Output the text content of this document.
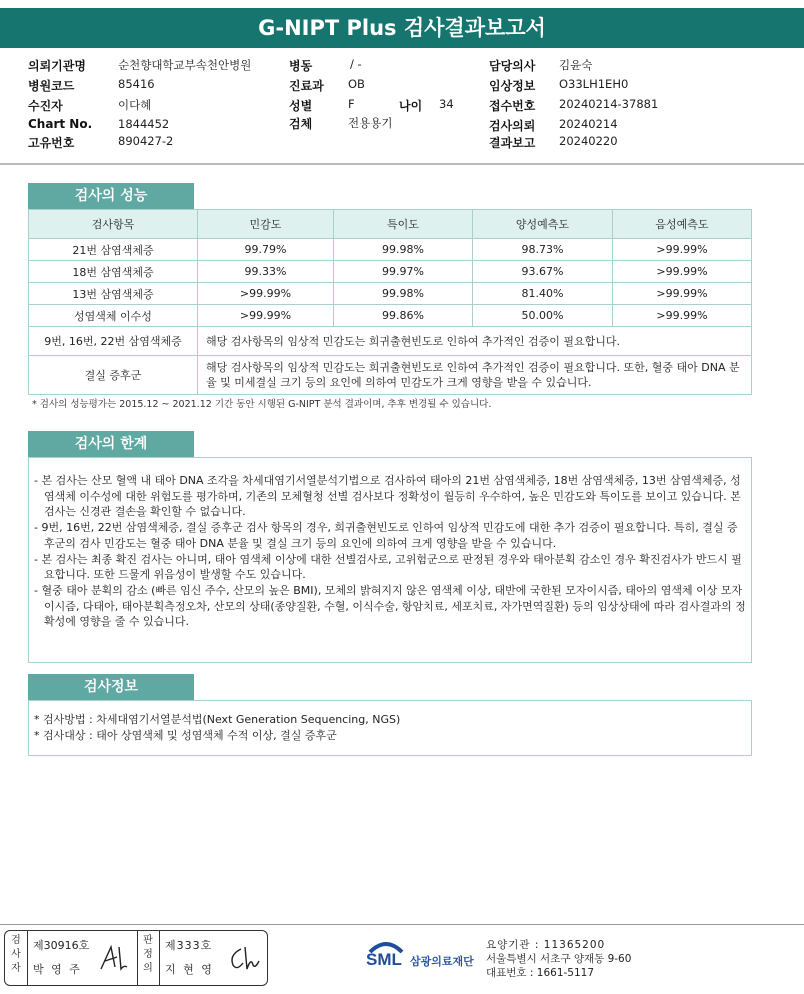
G-NIPT Plus 검사결과보고서
의뢰기관명	순천향대학교부속천안병원
병원코드	85416
수진자	이다혜
Chart No. 1844452
고유번호	890427-2
병동	/ -
진료과 OB
성별	F	나이 34
검체	전용용기
담당의사 김윤숙
임상정보 O33LH1EH0
접수번호 20240214-37881
검사의뢰 20240214
결과보고 20240220
검사의 성능
검사항목	민감도	특이도	양성예측도	음성예측도
21번 삼염색체증	99.79%	99.98%	98.73%	>99.99%
18번 삼염색체증	99.33%	99.97%	93.67%	>99.99%
13번 삼염색체증	>99.99%	99.98%	81.40%	>99.99%
성염색체 이수성	>99.99%	99.86%	50.00%	>99.99%
9번, 16번, 22번 삼염색체증	해당 검사항목의 임상적 민감도는 희귀출현빈도로 인하여 추가적인 검증이 필요합니다.			
결실 증후군	해당 검사항목의 임상적 민감도는 희귀출현빈도로 인하여 추가적인 검증이 필요합니다. 또한, 혈중 태아 DNA 분율 및 미세결실 크기 등의 요인에 의하여 민감도가 크게 영향을 받을 수 있습니다.			
* 검사의 성능평가는 2015.12 ~ 2021.12 기간 동안 시행된 G-NIPT 분석 결과이며, 추후 변경될 수 있습니다.
검사의 한계

- 본 검사는 산모 혈액 내 태아 DNA 조각을 차세대염기서열분석기법으로 검사하여 태아의 21번 삼염색체증, 18번 삼염색체증, 13번 삼염색체증, 성염색체 이수성에 대한 위험도를 평가하며, 기존의 모체혈청 선별 검사보다 정확성이 월등히 우수하여, 높은 민감도와 특이도를 보이고 있습니다. 본 검사는 신경관 결손을 확인할 수 없습니다.

- 9번, 16번, 22번 삼염색체증, 결실 증후군 검사 항목의 경우, 희귀출현빈도로 인하여 임상적 민감도에 대한 추가 검증이 필요합니다. 특히, 결실 증후군의 검사 민감도는 혈중 태아 DNA 분율 및 결실 크기 등의 요인에 의하여 크게 영향을 받을 수 있습니다.

- 본 검사는 최종 확진 검사는 아니며, 태아 염색체 이상에 대한 선별검사로, 고위험군으로 판정된 경우와 태아분획 감소인 경우 확진검사가 반드시 필요합니다. 또한 드물게 위음성이 발생할 수도 있습니다.

- 혈중 태아 분획의 감소 (빠른 임신 주수, 산모의 높은 BMI), 모체의 밝혀지지 않은 염색체 이상, 태반에 국한된 모자이시즘, 태아의 염색체 이상 모자이시즘, 다태아, 태아분획측정오차, 산모의 상태(종양질환, 수혈, 이식수술, 항암치료, 세포치료, 자가면역질환) 등의 임상상태에 따라 검사결과의 정확성에 영향을 줄 수 있습니다.

검사정보

* 검사방법 : 차세대염기서열분석법(Next Generation Sequencing, NGS)

* 검사대상 : 태아 상염색체 및 성염색체 수적 이상, 결실 증후군

검
사
자
제30916호
박 영 주
판
정
의
제333호
지 현 영
SML 삼광의료재단
요양기관 : 11365200
서울특별시 서초구 양재동 9-60
대표번호 : 1661-5117
